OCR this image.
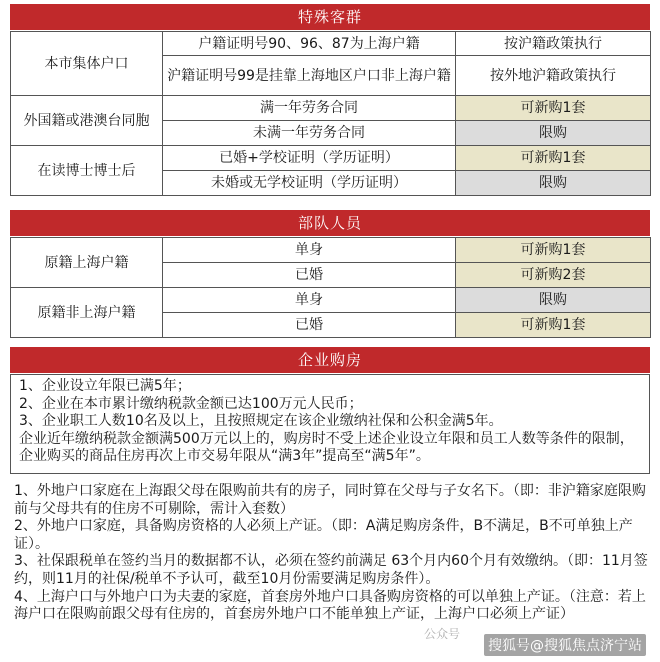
特殊客群
本市集体户口	户籍证明号90、96、87为上海户籍	按沪籍政策执行
	沪籍证明号99是挂靠上海地区户口非上海户籍	按外地沪籍政策执行
外国籍或港澳台同胞	满一年劳务合同	可新购1套
	未满一年劳务合同	限购
在读博士博士后	已婚+学校证明（学历证明）	可新购1套
	未婚或无学校证明（学历证明）	限购
部队人员
原籍上海户籍	单身	可新购1套
	已婚	可新购2套
原籍非上海户籍	单身	限购
	已婚	可新购1套
企业购房

1、企业设立年限已满5年；

2、企业在本市累计缴纳税款金额已达100万元人民币；

3、企业职工人数10名及以上，且按照规定在该企业缴纳社保和公积金满5年。

企业近年缴纳税款金额满500万元以上的，购房时不受上述企业设立年限和员工人数等条件的限制，企业购买的商品住房再次上市交易年限从“满3年”提高至“满5年”。

1、外地户口家庭在上海跟父母在限购前共有的房子，同时算在父母与子女名下。（即：非沪籍家庭限购前与父母共有的住房不可剔除，需计入套数）

2、外地户口家庭，具备购房资格的人必须上产证。（即：A满足购房条件，B不满足，B不可单独上产证）。

3、社保跟税单在签约当月的数据都不认，必须在签约前满足 63个月内60个月有效缴纳。（即：11月签约，则11月的社保/税单不予认可，截至10月份需要满足购房条件）。

4、上海户口与外地户口为夫妻的家庭，首套房外地户口具备购房资格的可以单独上产证。（注意：若上海户口在限购前跟父母有住房的，首套房外地户口不能单独上产证，上海户口必须上产证）

公众号
搜狐号@搜狐焦点济宁站
